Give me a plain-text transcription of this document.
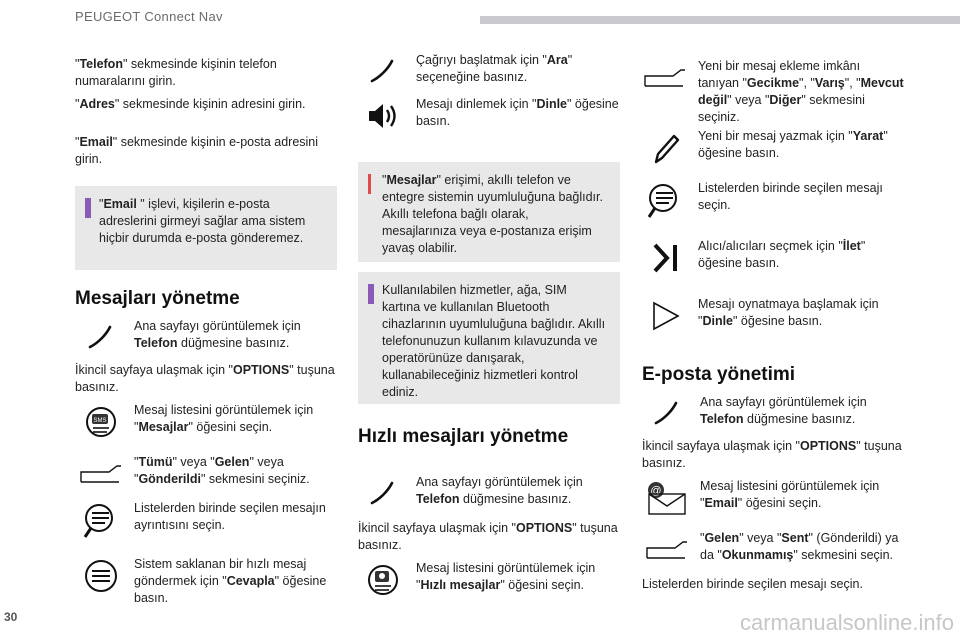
PEUGEOT Connect Nav

"Telefon" sekmesinde kişinin telefon numaralarını girin.

"Adres" sekmesinde kişinin adresini girin.

"Email" sekmesinde kişinin e-posta adresini girin.

"Email " işlevi, kişilerin e-posta adreslerini girmeyi sağlar ama sistem hiçbir durumda e-posta gönderemez.
Mesajları yönetme
Ana sayfayı görüntülemek için Telefon düğmesine basınız.

İkincil sayfaya ulaşmak için "OPTIONS" tuşuna basınız.

SMS
Mesaj listesini görüntülemek için "Mesajlar" öğesini seçin.
"Tümü" veya "Gelen" veya "Gönderildi" sekmesini seçiniz.
Listelerden birinde seçilen mesajın ayrıntısını seçin.
Sistem saklanan bir hızlı mesaj göndermek için "Cevapla" öğesine basın.
Çağrıyı başlatmak için "Ara" seçeneğine basınız.
Mesajı dinlemek için "Dinle" öğesine basın.
"Mesajlar" erişimi, akıllı telefon ve entegre sistemin uyumluluğuna bağlıdır. Akıllı telefona bağlı olarak, mesajlarınıza veya e-postanıza erişim yavaş olabilir.
Kullanılabilen hizmetler, ağa, SIM kartına ve kullanılan Bluetooth cihazlarının uyumluluğuna bağlıdır. Akıllı telefonunuzun kullanım kılavuzunda ve operatörünüze danışarak, kullanabileceğiniz hizmetleri kontrol ediniz.
Hızlı mesajları yönetme
Ana sayfayı görüntülemek için Telefon düğmesine basınız.

İkincil sayfaya ulaşmak için "OPTIONS" tuşuna basınız.

Mesaj listesini görüntülemek için "Hızlı mesajlar" öğesini seçin.
Yeni bir mesaj ekleme imkânı tanıyan "Gecikme", "Varış", "Mevcut değil" veya "Diğer" sekmesini seçiniz.
Yeni bir mesaj yazmak için "Yarat" öğesine basın.
Listelerden birinde seçilen mesajı seçin.
Alıcı/alıcıları seçmek için "İlet" öğesine basın.
Mesajı oynatmaya başlamak için "Dinle" öğesine basın.
E-posta yönetimi
Ana sayfayı görüntülemek için Telefon düğmesine basınız.

İkincil sayfaya ulaşmak için "OPTIONS" tuşuna basınız.

@	Mesaj listesini görüntülemek için "Email" öğesini seçin.
"Gelen" veya "Sent" (Gönderildi) ya da "Okunmamış" sekmesini seçin.

Listelerden birinde seçilen mesajı seçin.

30	carmanualsonline.info
